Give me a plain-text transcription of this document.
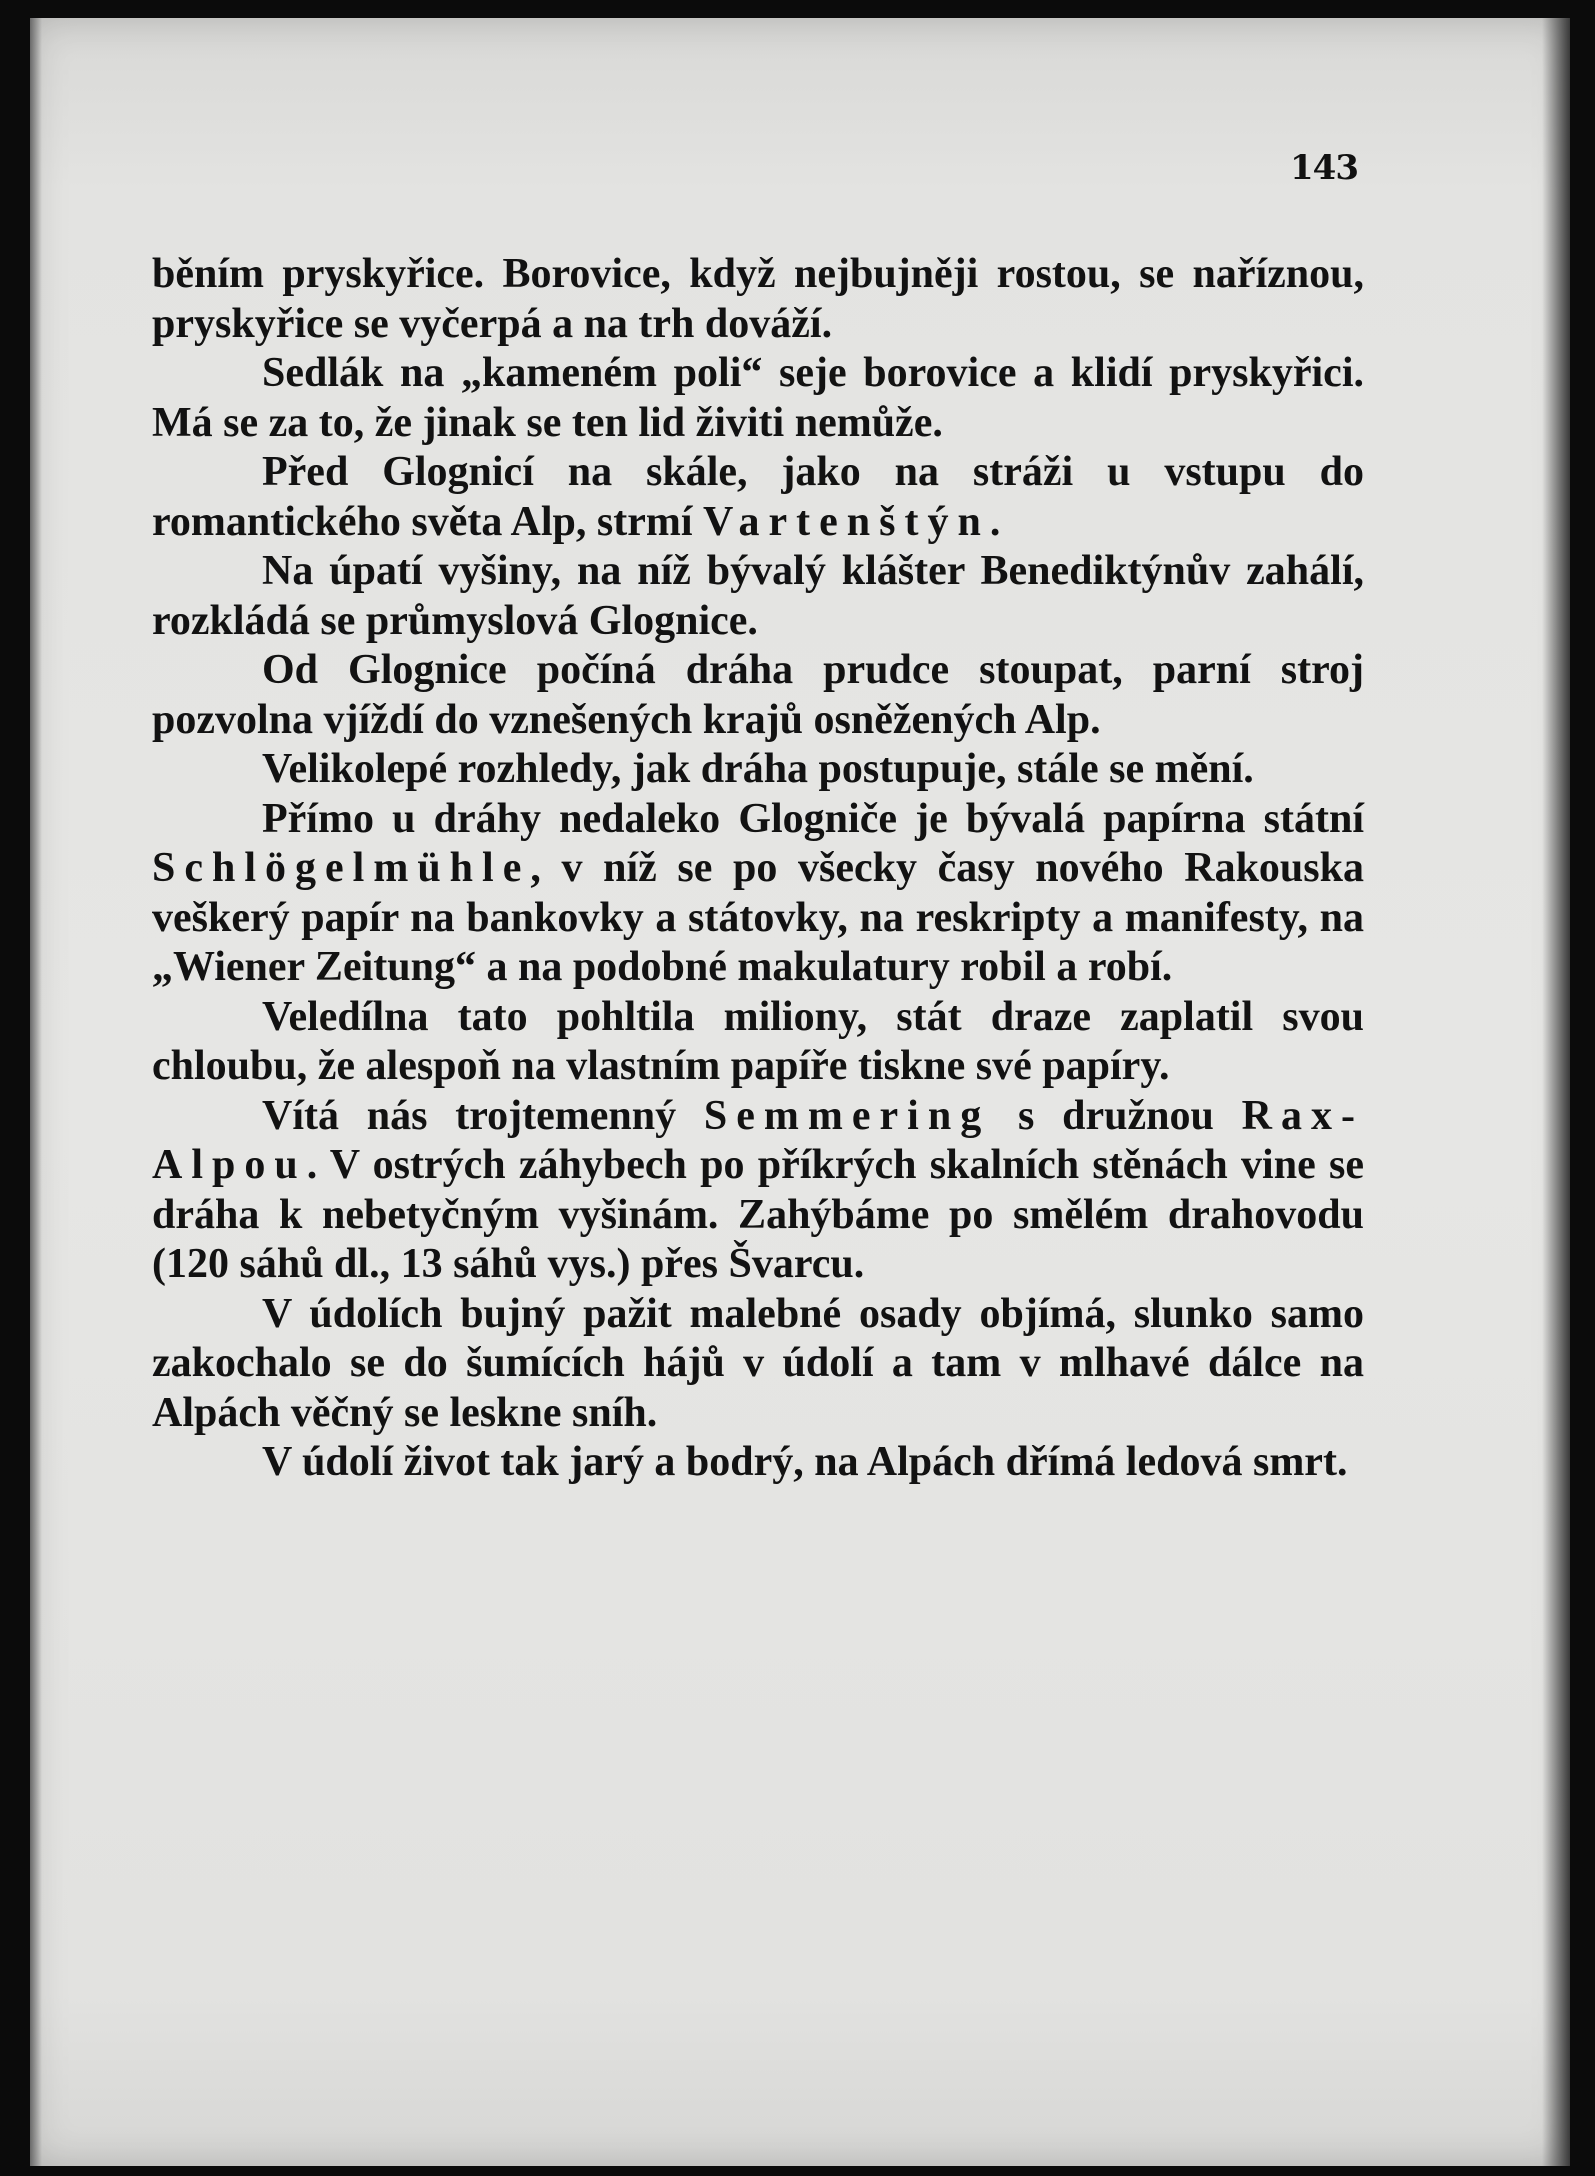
143

běním pryskyřice. Borovice, když nejbujněji rostou, se naříznou, pryskyřice se vyčerpá a na trh dováží.

Sedlák na „kameném poli“ seje borovice a klidí pryskyřici. Má se za to, že jinak se ten lid živiti nemůže.

Před Glognicí na skále, jako na stráži u vstupu do romantického světa Alp, strmí Vartenštýn.

Na úpatí vyšiny, na níž bývalý klášter Benediktýnův zahálí, rozkládá se průmyslová Glognice.

Od Glognice počíná dráha prudce stoupat, parní stroj pozvolna vjíždí do vznešených krajů osněžených Alp.

Velikolepé rozhledy, jak dráha postupuje, stále se mění.

Přímo u dráhy nedaleko Glogniče je bývalá papírna státní Schlögelmühle, v níž se po všecky časy nového Rakouska veškerý papír na bankovky a státovky, na reskripty a manifesty, na „Wiener Zeitung“ a na podobné makulatury robil a robí.

Veledílna tato pohltila miliony, stát draze zaplatil svou chloubu, že alespoň na vlastním papíře tiskne své papíry.

Vítá nás trojtemenný Semmering s družnou Rax-Alpou. V ostrých záhybech po příkrých skalních stěnách vine se dráha k nebetyčným vyšinám. Zahýbáme po smělém drahovodu (120 sáhů dl., 13 sáhů vys.) přes Švarcu.

V údolích bujný pažit malebné osady objímá, slunko samo zakochalo se do šumících hájů v údolí a tam v mlhavé dálce na Alpách věčný se leskne sníh.

V údolí život tak jarý a bodrý, na Alpách dřímá ledová smrt.
